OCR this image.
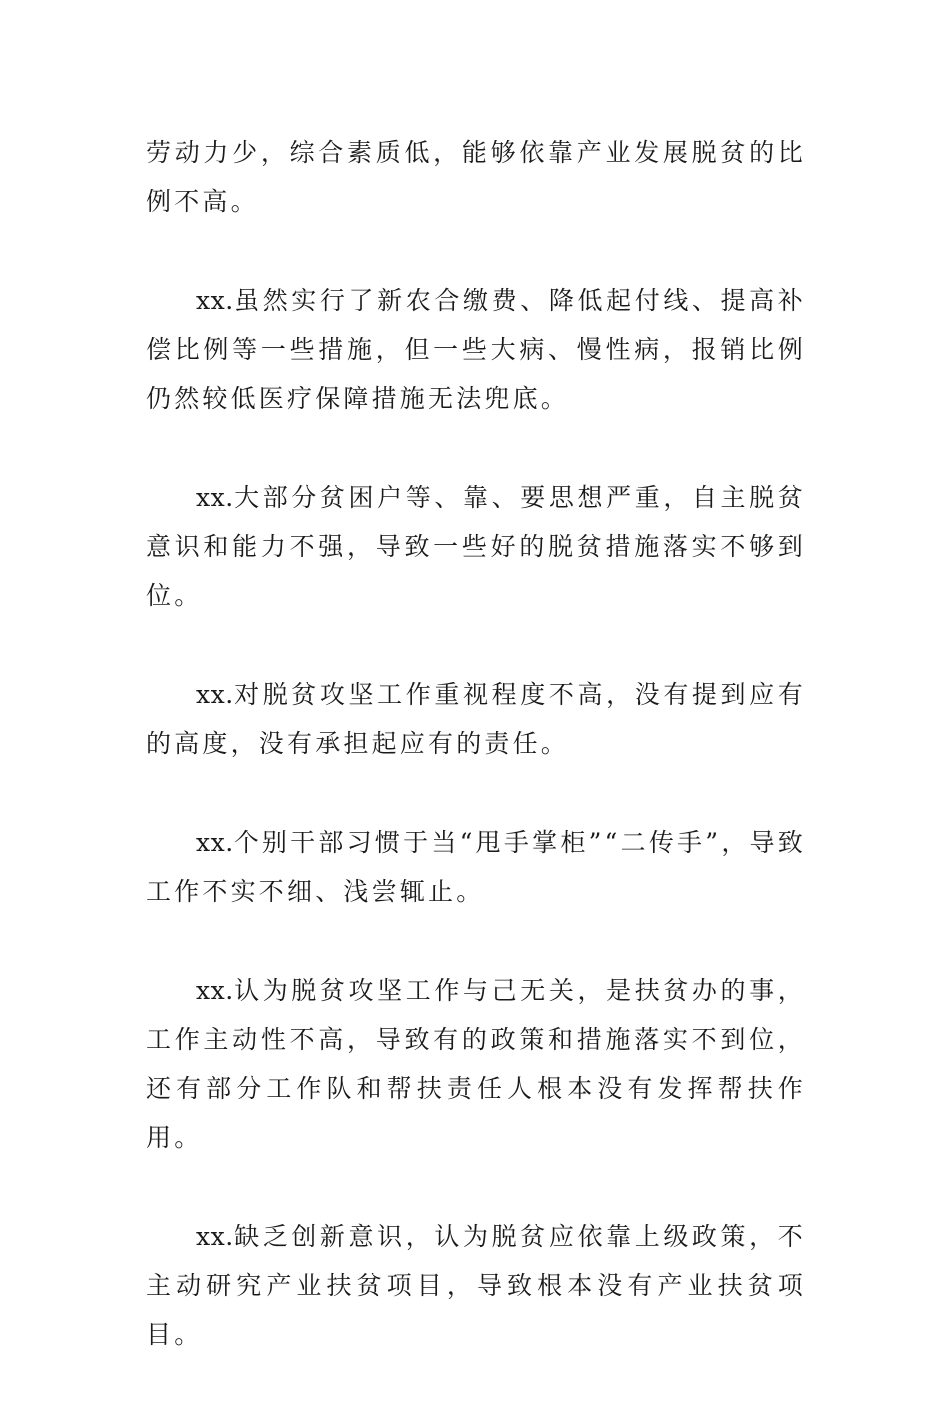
劳动力少，综合素质低，能够依靠产业发展脱贫的比例不高。

xx.虽然实行了新农合缴费、降低起付线、提高补偿比例等一些措施，但一些大病、慢性病，报销比例仍然较低医疗保障措施无法兜底。

xx.大部分贫困户等、靠、要思想严重，自主脱贫意识和能力不强，导致一些好的脱贫措施落实不够到位。

xx.对脱贫攻坚工作重视程度不高，没有提到应有的高度，没有承担起应有的责任。

xx.个别干部习惯于当“甩手掌柜”“二传手”，导致工作不实不细、浅尝辄止。

xx.认为脱贫攻坚工作与己无关，是扶贫办的事，工作主动性不高，导致有的政策和措施落实不到位，还有部分工作队和帮扶责任人根本没有发挥帮扶作用。

xx.缺乏创新意识，认为脱贫应依靠上级政策，不主动研究产业扶贫项目，导致根本没有产业扶贫项目。
